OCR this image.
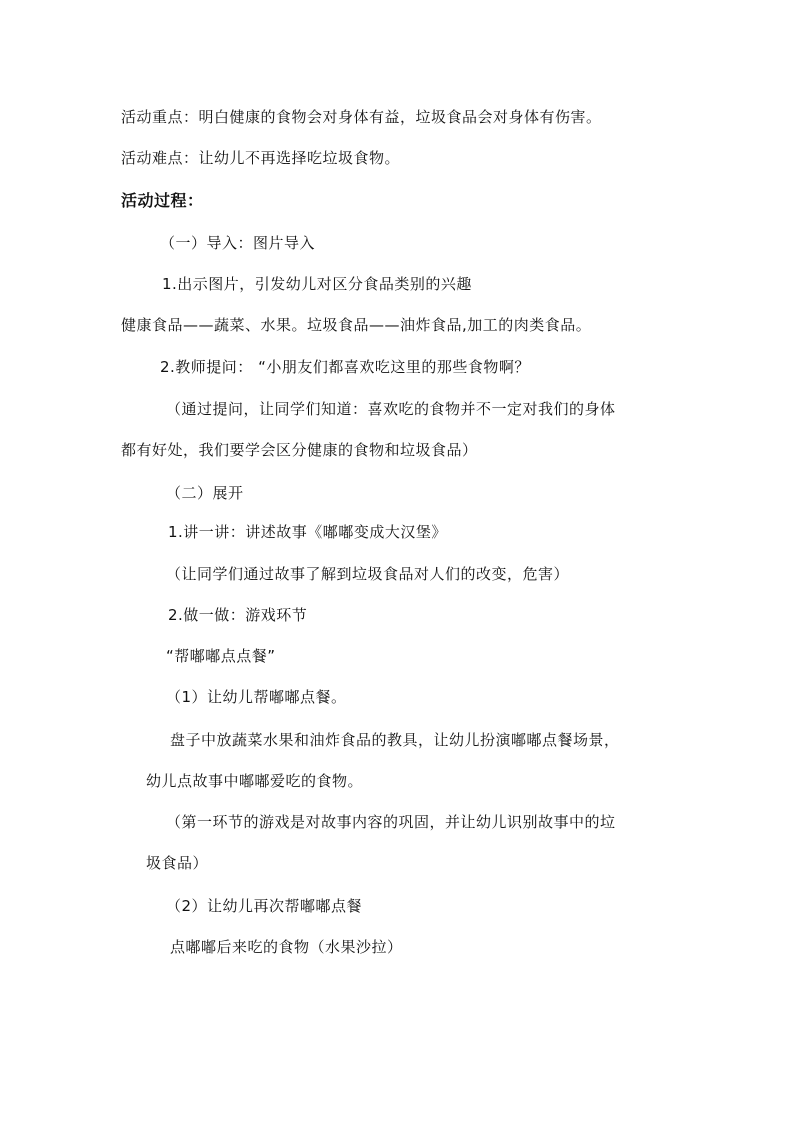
活动重点：明白健康的食物会对身体有益，垃圾食品会对身体有伤害。
活动难点：让幼儿不再选择吃垃圾食物。
活动过程：
（一）导入：图片导入
1.出示图片，引发幼儿对区分食品类别的兴趣
健康食品——蔬菜、水果。垃圾食品——油炸食品,加工的肉类食品。
2.教师提问： “小朋友们都喜欢吃这里的那些食物啊？
（通过提问，让同学们知道：喜欢吃的食物并不一定对我们的身体
都有好处，我们要学会区分健康的食物和垃圾食品）
（二）展开
1.讲一讲：讲述故事《嘟嘟变成大汉堡》
（让同学们通过故事了解到垃圾食品对人们的改变，危害）
2.做一做：游戏环节
“帮嘟嘟点点餐”
（1）让幼儿帮嘟嘟点餐。
盘子中放蔬菜水果和油炸食品的教具，让幼儿扮演嘟嘟点餐场景，
幼儿点故事中嘟嘟爱吃的食物。
（第一环节的游戏是对故事内容的巩固，并让幼儿识别故事中的垃
圾食品）
（2）让幼儿再次帮嘟嘟点餐
点嘟嘟后来吃的食物（水果沙拉）
